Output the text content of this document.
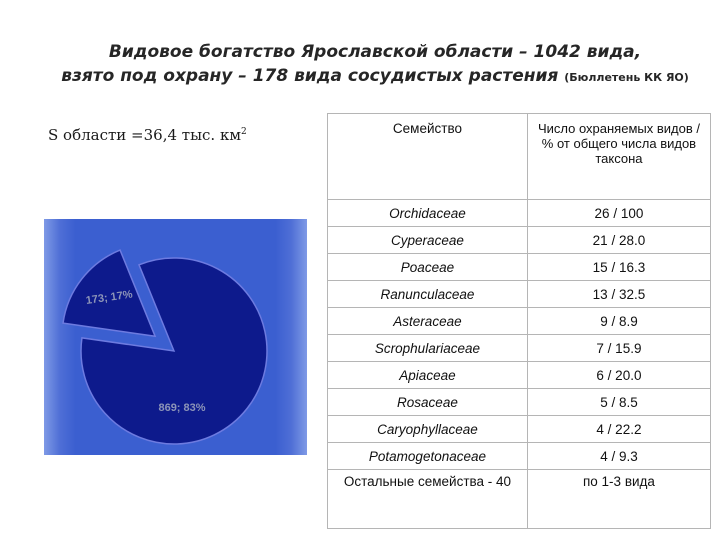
Видовое богатство Ярославской области – 1042 вида,
взято под охрану – 178 вида сосудистых растения (Бюллетень КК ЯО)
S области =36,4 тыс. $км^2$
173; 17%
869; 83%
Семейство	Число охраняемых видов / % от общего числа видов таксона
Orchidaceae	26 / 100
Cyperaceae	21 / 28.0
Poaceae	15 / 16.3
Ranunculaceae	13 / 32.5
Asteraceae	9 / 8.9
Scrophulariaceae	7 / 15.9
Apiaceae	6 / 20.0
Rosaceae	5 / 8.5
Caryophyllaceae	4 / 22.2
Potamogetonaceae	4 / 9.3
Остальные семейства - 40	по 1-3 вида
